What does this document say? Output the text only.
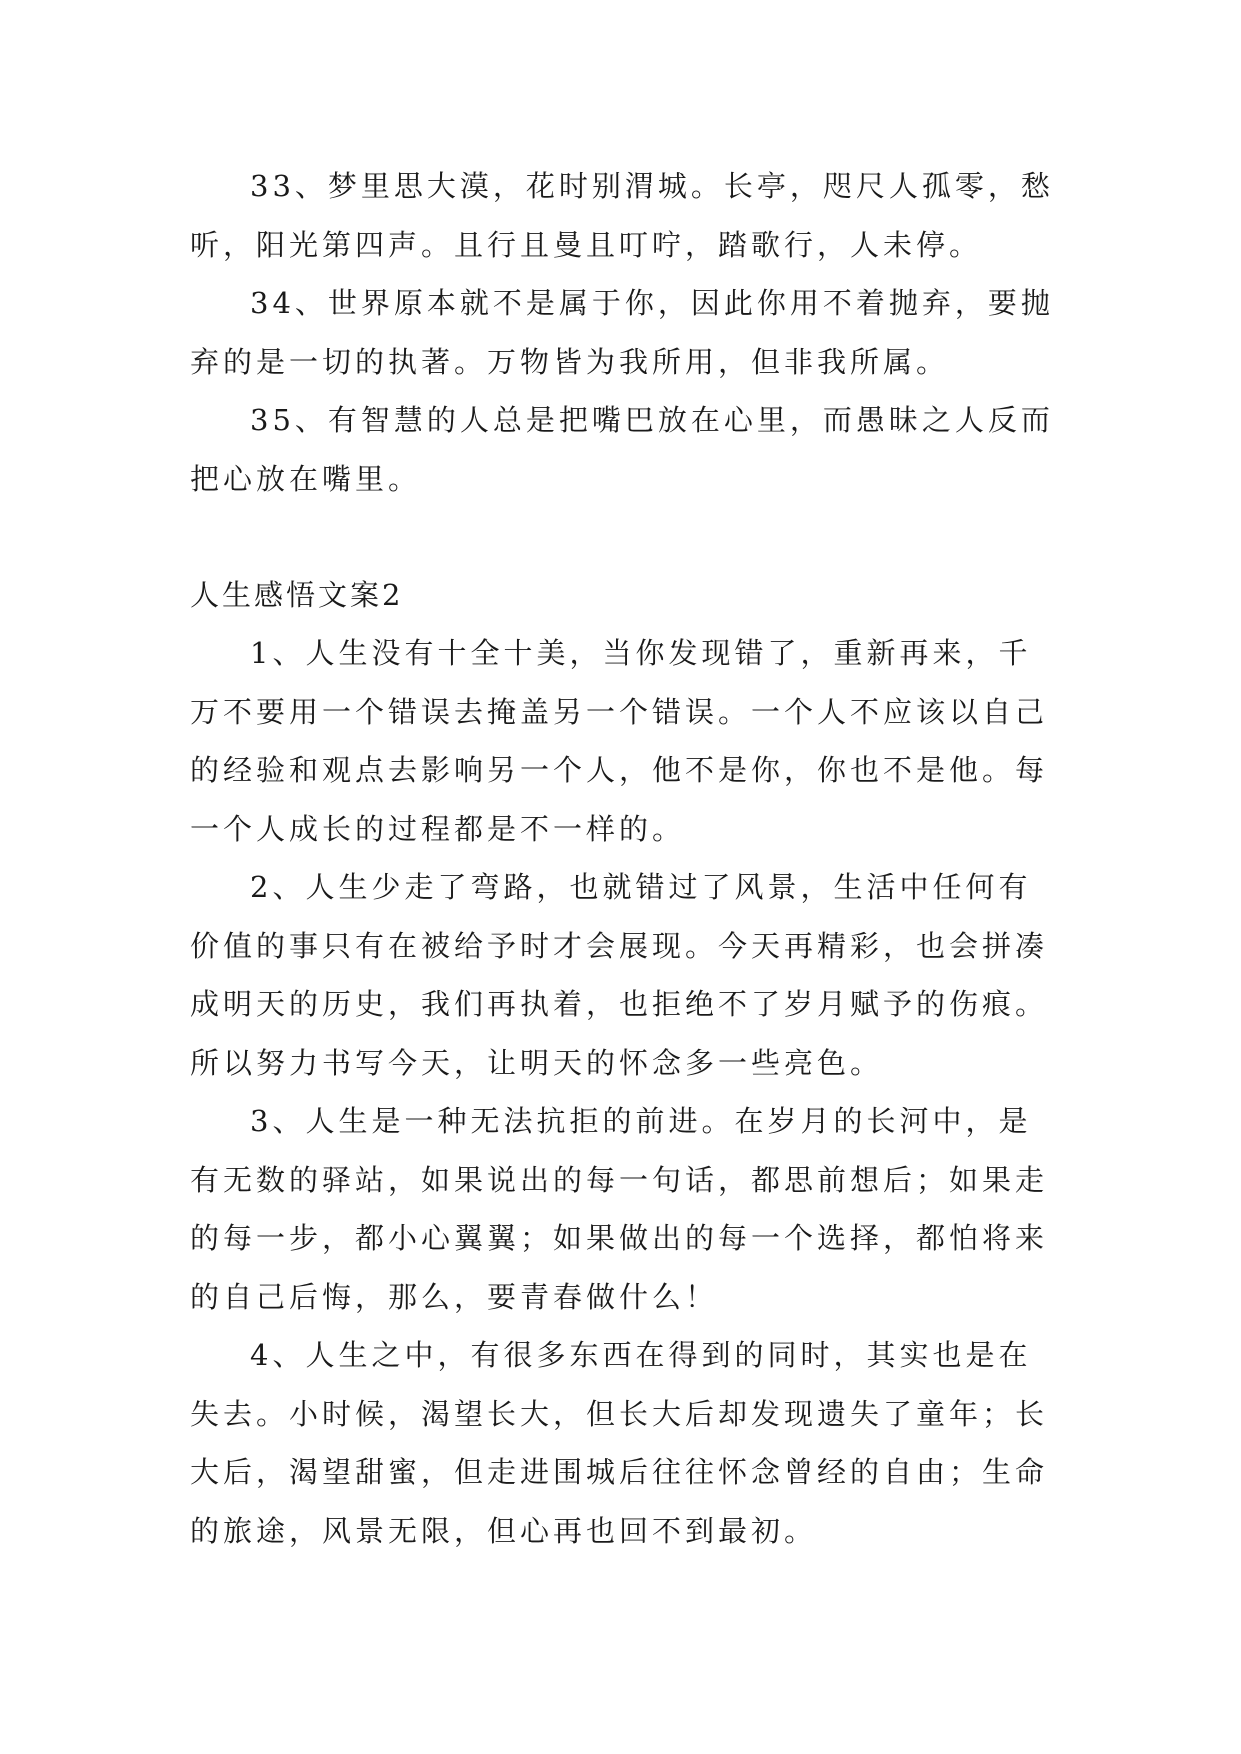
33、梦里思大漠，花时别渭城。长亭，咫尺人孤零，愁
听，阳光第四声。且行且曼且叮咛，踏歌行，人未停。
34、世界原本就不是属于你，因此你用不着抛弃，要抛
弃的是一切的执著。万物皆为我所用，但非我所属。
35、有智慧的人总是把嘴巴放在心里，而愚昧之人反而
把心放在嘴里。
人生感悟文案2
1、人生没有十全十美，当你发现错了，重新再来，千
万不要用一个错误去掩盖另一个错误。一个人不应该以自己
的经验和观点去影响另一个人，他不是你，你也不是他。每
一个人成长的过程都是不一样的。
2、人生少走了弯路，也就错过了风景，生活中任何有
价值的事只有在被给予时才会展现。今天再精彩，也会拼凑
成明天的历史，我们再执着，也拒绝不了岁月赋予的伤痕。
所以努力书写今天，让明天的怀念多一些亮色。
3、人生是一种无法抗拒的前进。在岁月的长河中，是
有无数的驿站，如果说出的每一句话，都思前想后；如果走
的每一步，都小心翼翼；如果做出的每一个选择，都怕将来
的自己后悔，那么，要青春做什么！
4、人生之中，有很多东西在得到的同时，其实也是在
失去。小时候，渴望长大，但长大后却发现遗失了童年；长
大后，渴望甜蜜，但走进围城后往往怀念曾经的自由；生命
的旅途，风景无限，但心再也回不到最初。
